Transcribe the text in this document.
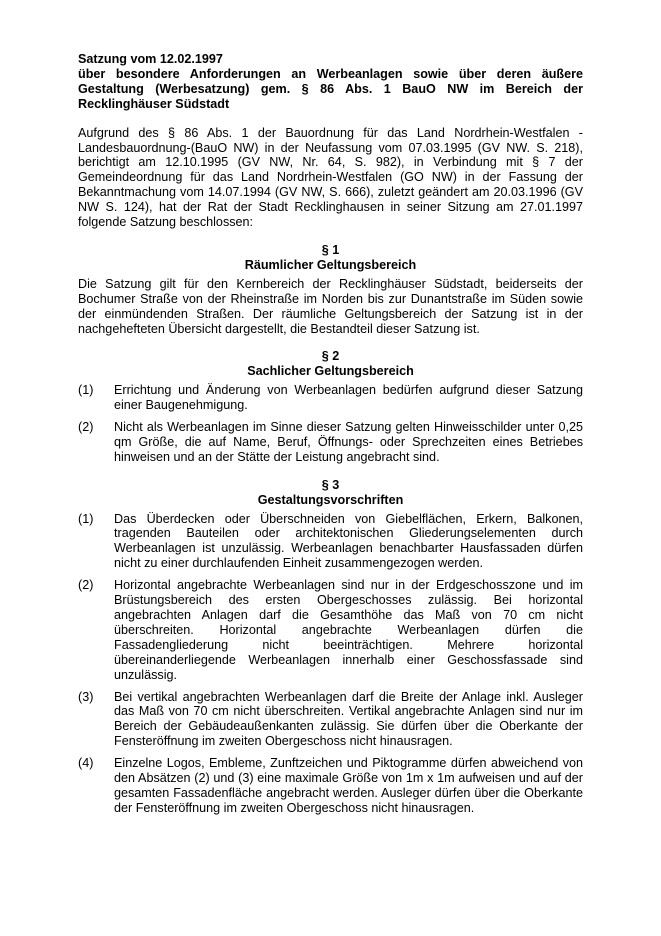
Satzung vom 12.02.1997
über besondere Anforderungen an Werbeanlagen sowie über deren äußere Gestaltung (Werbesatzung) gem. § 86 Abs. 1 BauO NW im Bereich der Recklinghäuser Südstadt

Aufgrund des § 86 Abs. 1 der Bauordnung für das Land Nordrhein-Westfalen - Landesbauordnung-(BauO NW) in der Neufassung vom 07.03.1995 (GV NW. S. 218), berichtigt am 12.10.1995 (GV NW, Nr. 64, S. 982), in Verbindung mit § 7 der Gemeindeordnung für das Land Nordrhein-Westfalen (GO NW) in der Fassung der Bekanntmachung vom 14.07.1994 (GV NW, S. 666), zuletzt geändert am 20.03.1996 (GV NW S. 124), hat der Rat der Stadt Recklinghausen in seiner Sitzung am 27.01.1997 folgende Satzung beschlossen:

§ 1
Räumlicher Geltungsbereich

Die Satzung gilt für den Kernbereich der Recklinghäuser Südstadt, beiderseits der Bochumer Straße von der Rheinstraße im Norden bis zur Dunantstraße im Süden sowie der einmündenden Straßen. Der räumliche Geltungsbereich der Satzung ist in der nachgehefteten Übersicht dargestellt, die Bestandteil dieser Satzung ist.

§ 2
Sachlicher Geltungsbereich
(1)	Errichtung und Änderung von Werbeanlagen bedürfen aufgrund dieser Satzung einer Baugenehmigung.
(2)	Nicht als Werbeanlagen im Sinne dieser Satzung gelten Hinweisschilder unter 0,25 qm Größe, die auf Name, Beruf, Öffnungs- oder Sprechzeiten eines Betriebes hinweisen und an der Stätte der Leistung angebracht sind.
§ 3
Gestaltungsvorschriften
(1)	Das Überdecken oder Überschneiden von Giebelflächen, Erkern, Balkonen, tragenden Bauteilen oder architektonischen Gliederungselementen durch Werbeanlagen ist unzulässig. Werbeanlagen benachbarter Hausfassaden dürfen nicht zu einer durchlaufenden Einheit zusammengezogen werden.
(2)	Horizontal angebrachte Werbeanlagen sind nur in der Erdgeschosszone und im Brüstungsbereich des ersten Obergeschosses zulässig. Bei horizontal angebrachten Anlagen darf die Gesamthöhe das Maß von 70 cm nicht überschreiten. Horizontal angebrachte Werbeanlagen dürfen die Fassadengliederung nicht beeinträchtigen. Mehrere horizontal übereinanderliegende Werbeanlagen innerhalb einer Geschossfassade sind unzulässig.
(3)	Bei vertikal angebrachten Werbeanlagen darf die Breite der Anlage inkl. Ausleger das Maß von 70 cm nicht überschreiten. Vertikal angebrachte Anlagen sind nur im Bereich der Gebäudeaußenkanten zulässig. Sie dürfen über die Oberkante der Fensteröffnung im zweiten Obergeschoss nicht hinausragen.
(4)	Einzelne Logos, Embleme, Zunftzeichen und Piktogramme dürfen abweichend von den Absätzen (2) und (3) eine maximale Größe von 1m x 1m aufweisen und auf der gesamten Fassadenfläche angebracht werden. Ausleger dürfen über die Oberkante der Fensteröffnung im zweiten Obergeschoss nicht hinausragen.
